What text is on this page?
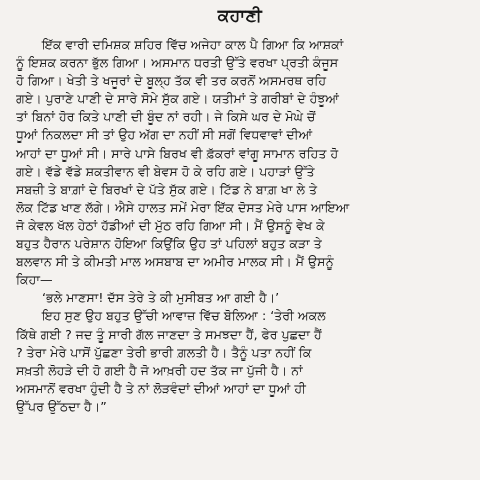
ਕਹਾਣੀ
ਇੱਕ ਵਾਰੀ ਦਮਿਸ਼ਕ ਸ਼ਹਿਰ ਵਿੱਚ ਅਜੇਹਾ ਕਾਲ ਪੈ ਗਿਆ ਕਿ ਆਸ਼ਕਾਂ
ਨੂੰ ਇਸ਼ਕ ਕਰਨਾ ਭੁੱਲ ਗਿਆ। ਅਸਮਾਨ ਧਰਤੀ ਉੱਤੇ ਵਰਖਾ ਪ੍ਰਤੀ ਕੰਜੂਸ
ਹੋ ਗਿਆ। ਖੇਤੀ ਤੇ ਖਜੂਰਾਂ ਦੇ ਬੂਲ੍ਹ ਤੱਕ ਵੀ ਤਰ ਕਰਨੋਂ ਅਸਮਰਥ ਰਹਿ
ਗਏ। ਪੁਰਾਣੇ ਪਾਣੀ ਦੇ ਸਾਰੇ ਸੋਮੇ ਸੁੱਕ ਗਏ। ਯਤੀਮਾਂ ਤੇ ਗਰੀਬਾਂ ਦੇ ਹੰਝੂਆਂ
ਤਾਂ ਬਿਨਾਂ ਹੋਰ ਕਿਤੇ ਪਾਣੀ ਦੀ ਬੂੰਦ ਨਾਂ ਰਹੀ। ਜੇ ਕਿਸੇ ਘਰ ਦੇ ਮੋਘੇ ਚੋਂ
ਧੂਆਂ ਨਿਕਲਦਾ ਸੀ ਤਾਂ ਉਹ ਅੱਗ ਦਾ ਨਹੀਂ ਸੀ ਸਗੋਂ ਵਿਧਵਾਵਾਂ ਦੀਆਂ
ਆਹਾਂ ਦਾ ਧੂਆਂ ਸੀ। ਸਾਰੇ ਪਾਸੇ ਬਿਰਖ ਵੀ ਫ਼ੱਕਰਾਂ ਵਾਂਗੂ ਸਾਮਾਨ ਰਹਿਤ ਹੋ
ਗਏ। ਵੱਡੇ ਵੱਡੇ ਸ਼ਕਤੀਵਾਨ ਵੀ ਬੇਵਸ ਹੋ ਕੇ ਰਹਿ ਗਏ। ਪਹਾੜਾਂ ਉੱਤੇ
ਸਬਜ਼ੀ ਤੇ ਬਾਗ਼ਾਂ ਦੇ ਬਿਰਖਾਂ ਦੇ ਪੱਤੇ ਸੁੱਕ ਗਏ। ਟਿੱਡ ਨੇ ਬਾਗ਼ ਖਾ ਲੇ ਤੇ
ਲੋਕ ਟਿੱਡ ਖਾਣ ਲੱਗੇ। ਐਸੇ ਹਾਲਤ ਸਮੇਂ ਮੇਰਾ ਇੱਕ ਦੋਸਤ ਮੇਰੇ ਪਾਸ ਆਇਆ
ਜੋ ਕੇਵਲ ਖੱਲ ਹੇਠਾਂ ਹੱਡੀਆਂ ਦੀ ਮੁੱਠ ਰਹਿ ਗਿਆ ਸੀ। ਮੈਂ ਉਸਨੂੰ ਵੇਖ ਕੇ
ਬਹੁਤ ਹੈਰਾਨ ਪਰੇਸ਼ਾਨ ਹੋਇਆ ਕਿਉਂਕਿ ਉਹ ਤਾਂ ਪਹਿਲਾਂ ਬਹੁਤ ਕੜਾ ਤੇ
ਬਲਵਾਨ ਸੀ ਤੇ ਕੀਮਤੀ ਮਾਲ ਅਸਬਾਬ ਦਾ ਅਮੀਰ ਮਾਲਕ ਸੀ। ਮੈਂ ਉਸਨੂੰ
ਕਿਹਾ—
‘ਭਲੇ ਮਾਣਸਾ! ਦੱਸ ਤੇਰੇ ਤੇ ਕੀ ਮੁਸੀਬਤ ਆ ਗਈ ਹੈ।’
ਇਹ ਸੁਣ ਉਹ ਬਹੁਤ ਉੱਚੀ ਆਵਾਜ਼ ਵਿੱਚ ਬੋਲਿਆ : ‘ਤੇਰੀ ਅਕਲ
ਕਿੱਥੇ ਗਈ ? ਜਦ ਤੂੰ ਸਾਰੀ ਗੱਲ ਜਾਣਦਾ ਤੇ ਸਮਝਦਾ ਹੈਂ, ਫੇਰ ਪੁਛਦਾ ਹੈਂ
? ਤੇਰਾ ਮੇਰੇ ਪਾਸੋਂ ਪੁੱਛਣਾ ਤੇਰੀ ਭਾਰੀ ਗ਼ਲਤੀ ਹੈ। ਤੈਨੂੰ ਪਤਾ ਨਹੀਂ ਕਿ
ਸਖ਼ਤੀ ਲੋਹੜੇ ਦੀ ਹੋ ਗਈ ਹੈ ਜੋ ਆਖ਼ਰੀ ਹਦ ਤੱਕ ਜਾ ਪੁੱਜੀ ਹੈ। ਨਾਂ
ਅਸਮਾਨੋਂ ਵਰਖਾ ਹੁੰਦੀ ਹੈ ਤੇ ਨਾਂ ਲੋੜਵੰਦਾਂ ਦੀਆਂ ਆਹਾਂ ਦਾ ਧੂਆਂ ਹੀ
ਉੱਪਰ ਉੱਠਦਾ ਹੈ।”
